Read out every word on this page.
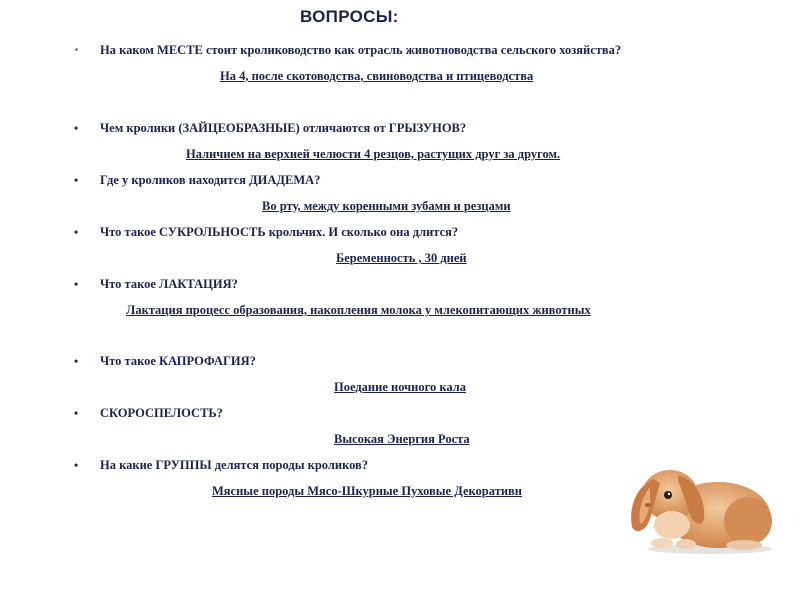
ВОПРОСЫ:
▪ На каком МЕСТЕ стоит кролиководство как отрасль животноводства сельского хозяйства?
На 4, после скотоводства, свиноводства и птицеводства
• Чем кролики (ЗАЙЦЕОБРАЗНЫЕ) отличаются от ГРЫЗУНОВ?
Наличием на верхней челюсти 4 резцов, растущих друг за другом.
• Где у кроликов находится ДИАДЕМА?
Во рту, между коренными зубами и резцами
• Что такое СУКРОЛЬНОСТЬ крольчих. И сколько она длится?
Беременность , 30 дней
• Что такое ЛАКТАЦИЯ?
Лактация процесс образования, накопления молока у млекопитающих животных
• Что такое КАПРОФАГИЯ?
Поедание ночного кала
• СКОРОСПЕЛОСТЬ?
Высокая Энергия Роста
• На какие ГРУППЫ делятся породы кроликов?
Мясные породы Мясо-Шкурные Пуховые Декоративн
